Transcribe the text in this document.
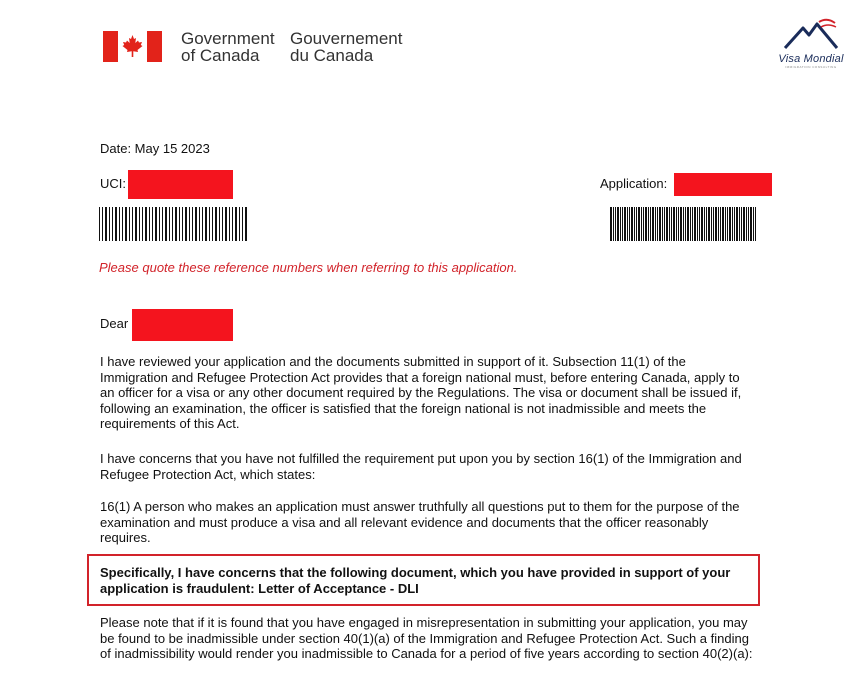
Government
of Canada
Gouvernement
du Canada	Visa Mondial
IMMIGRATION CONSULTING
Date: May 15 2023
UCI:	Application:
Please quote these reference numbers when referring to this application.
Dear

I have reviewed your application and the documents submitted in support of it. Subsection 11(1) of the Immigration and Refugee Protection Act provides that a foreign national must, before entering Canada, apply to an officer for a visa or any other document required by the Regulations. The visa or document shall be issued if, following an examination, the officer is satisfied that the foreign national is not inadmissible and meets the requirements of this Act.

I have concerns that you have not fulfilled the requirement put upon you by section 16(1) of the Immigration and Refugee Protection Act, which states:

16(1) A person who makes an application must answer truthfully all questions put to them for the purpose of the examination and must produce a visa and all relevant evidence and documents that the officer reasonably requires.

Specifically, I have concerns that the following document, which you have provided in support of your application is fraudulent: Letter of Acceptance - DLI

Please note that if it is found that you have engaged in misrepresentation in submitting your application, you may be found to be inadmissible under section 40(1)(a) of the Immigration and Refugee Protection Act. Such a finding of inadmissibility would render you inadmissible to Canada for a period of five years according to section 40(2)(a):
